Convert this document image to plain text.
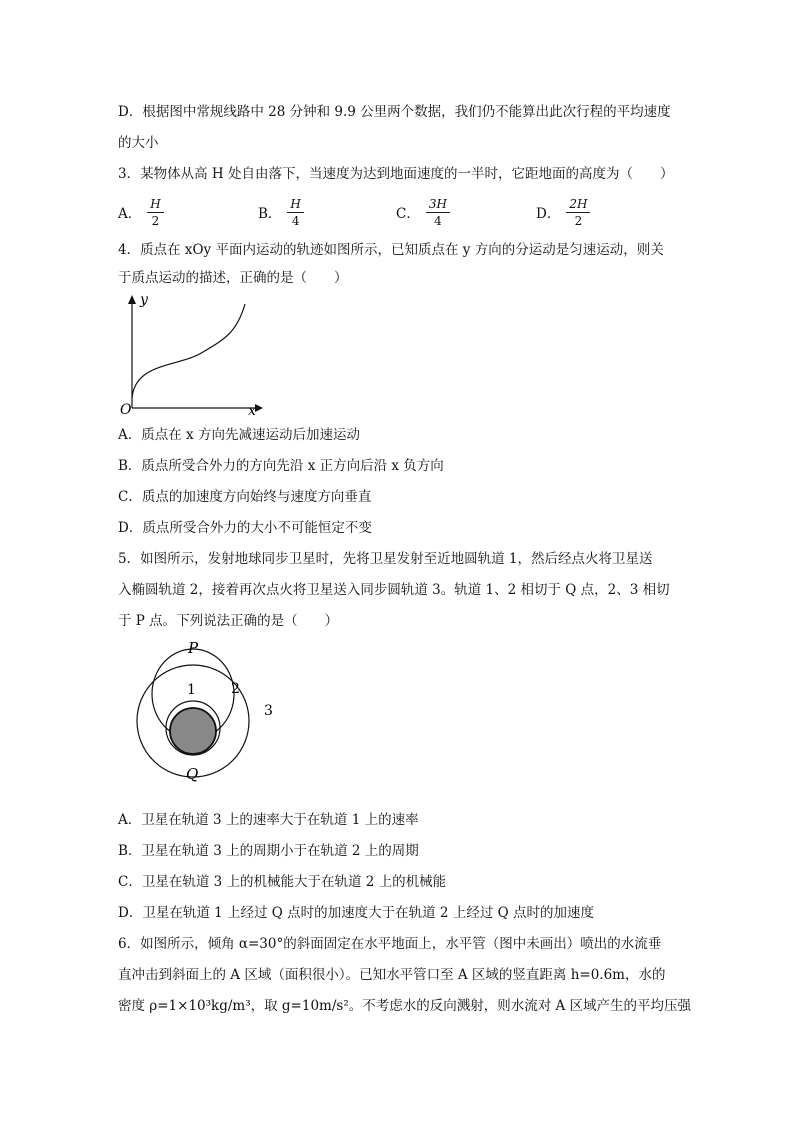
D．根据图中常规线路中 28 分钟和 9.9 公里两个数据，我们仍不能算出此次行程的平均速度
的大小
3．某物体从高 H 处自由落下，当速度为达到地面速度的一半时，它距地面的高度为（　　）
A． $\frac{H}{2}$	B． $\frac{H}{4}$	C． $\frac{3H}{4}$	D． $\frac{2H}{2}$
4．质点在 xOy 平面内运动的轨迹如图所示，已知质点在 y 方向的分运动是匀速运动，则关
于质点运动的描述，正确的是（　　）
y
O	x
A．质点在 x 方向先减速运动后加速运动
B．质点所受合外力的方向先沿 x 正方向后沿 x 负方向
C．质点的加速度方向始终与速度方向垂直
D．质点所受合外力的大小不可能恒定不变
5．如图所示，发射地球同步卫星时，先将卫星发射至近地圆轨道 1，然后经点火将卫星送
入椭圆轨道 2，接着再次点火将卫星送入同步圆轨道 3。轨道 1、2 相切于 Q 点，2、3 相切
于 P 点。下列说法正确的是（　　）
P
Q
1	2
3
A．卫星在轨道 3 上的速率大于在轨道 1 上的速率
B．卫星在轨道 3 上的周期小于在轨道 2 上的周期
C．卫星在轨道 3 上的机械能大于在轨道 2 上的机械能
D．卫星在轨道 1 上经过 Q 点时的加速度大于在轨道 2 上经过 Q 点时的加速度
6．如图所示，倾角 α=30°的斜面固定在水平地面上，水平管（图中未画出）喷出的水流垂
直冲击到斜面上的 A 区域（面积很小）。已知水平管口至 A 区域的竖直距离 h=0.6m，水的
密度 ρ=1×10³kg/m³，取 g=10m/s²。不考虑水的反向溅射，则水流对 A 区域产生的平均压强
